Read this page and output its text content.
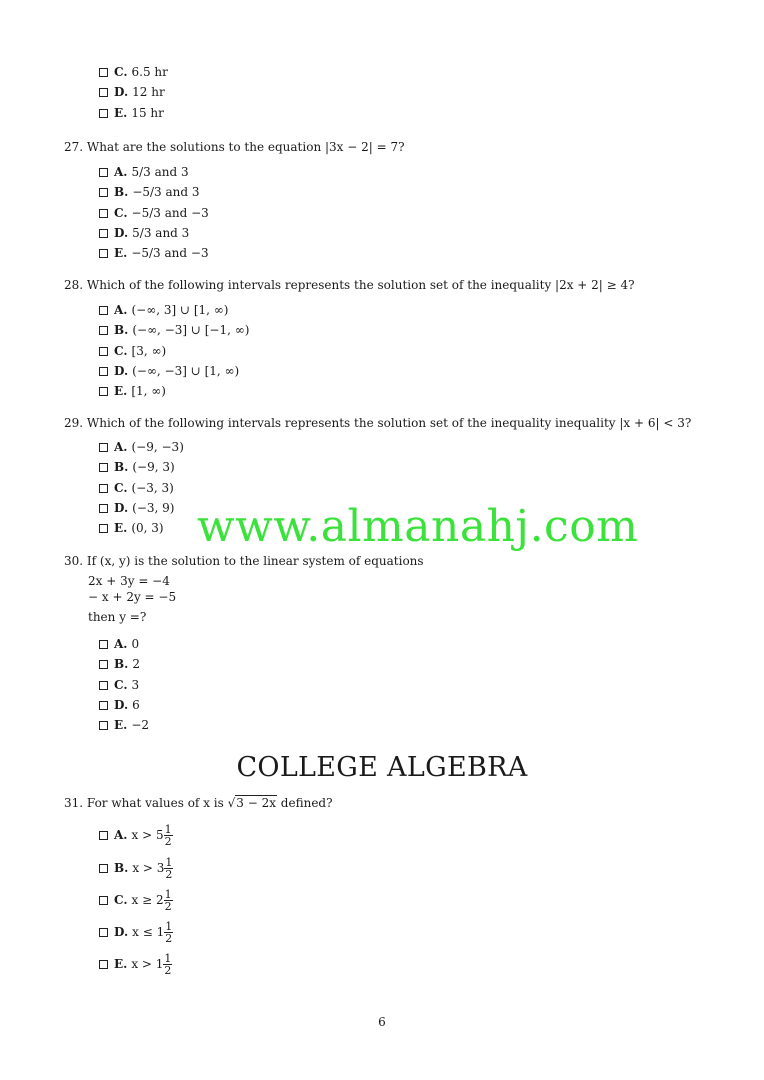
C. 6.5 hr
D. 12 hr
E. 15 hr
27. What are the solutions to the equation |3x − 2| = 7?
A. 5/3 and 3
B. −5/3 and 3
C. −5/3 and −3
D. 5/3 and 3
E. −5/3 and −3
28. Which of the following intervals represents the solution set of the inequality |2x + 2| ≥ 4?
A. (−∞, 3] ∪ [1, ∞)
B. (−∞, −3] ∪ [−1, ∞)
C. [3, ∞)
D. (−∞, −3] ∪ [1, ∞)
E. [1, ∞)
29. Which of the following intervals represents the solution set of the inequality inequality |x + 6| < 3?
A. (−9, −3)
B. (−9, 3)
C. (−3, 3)
D. (−3, 9)
E. (0, 3) www.almanahj.com
30. If (x, y) is the solution to the linear system of equations
2x + 3y = −4
− x + 2y = −5
then y =?
A. 0
B. 2
C. 3
D. 6
E. −2
COLLEGE ALGEBRA
31. For what values of x is √3 − 2x defined?
A. $x > 5 \frac{1}{2}$
B. $x > 3 \frac{1}{2}$
C. $x \ge 2 \frac{1}{2}$
D. $x \le 1 \frac{1}{2}$
E. $x > 1 \frac{1}{2}$
6
